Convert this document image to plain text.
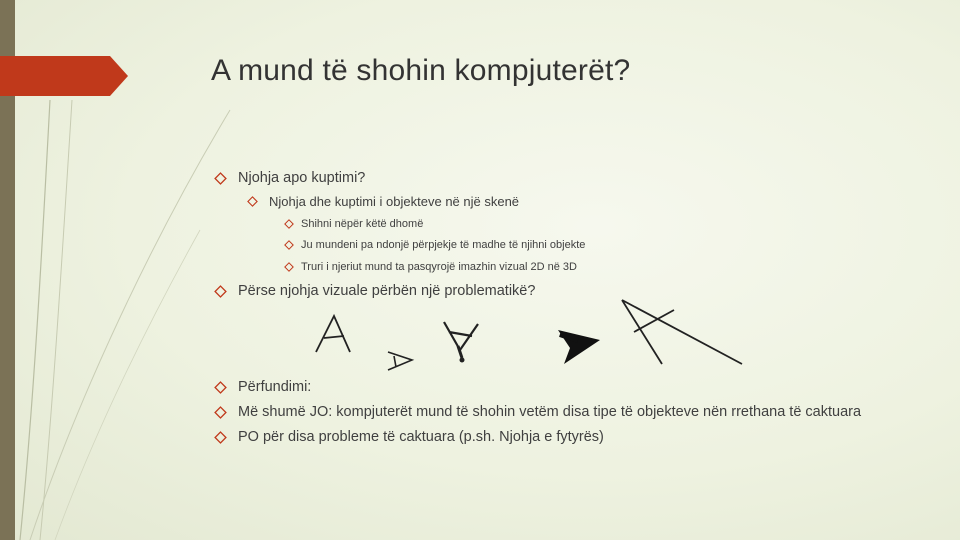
A mund të shohin kompjuterët?
Njohja apo kuptimi?
Njohja dhe kuptimi i objekteve në një skenë
Shihni nëpër këtë dhomë
Ju mundeni pa ndonjë përpjekje të madhe të njihni objekte
Truri i njeriut mund ta pasqyrojë imazhin vizual 2D në 3D
Përse njohja vizuale përbën një problematikë?
Përfundimi:
Më shumë JO: kompjuterët mund të shohin vetëm disa tipe të objekteve nën rrethana të caktuara
PO për disa probleme të caktuara (p.sh. Njohja e fytyrës)
